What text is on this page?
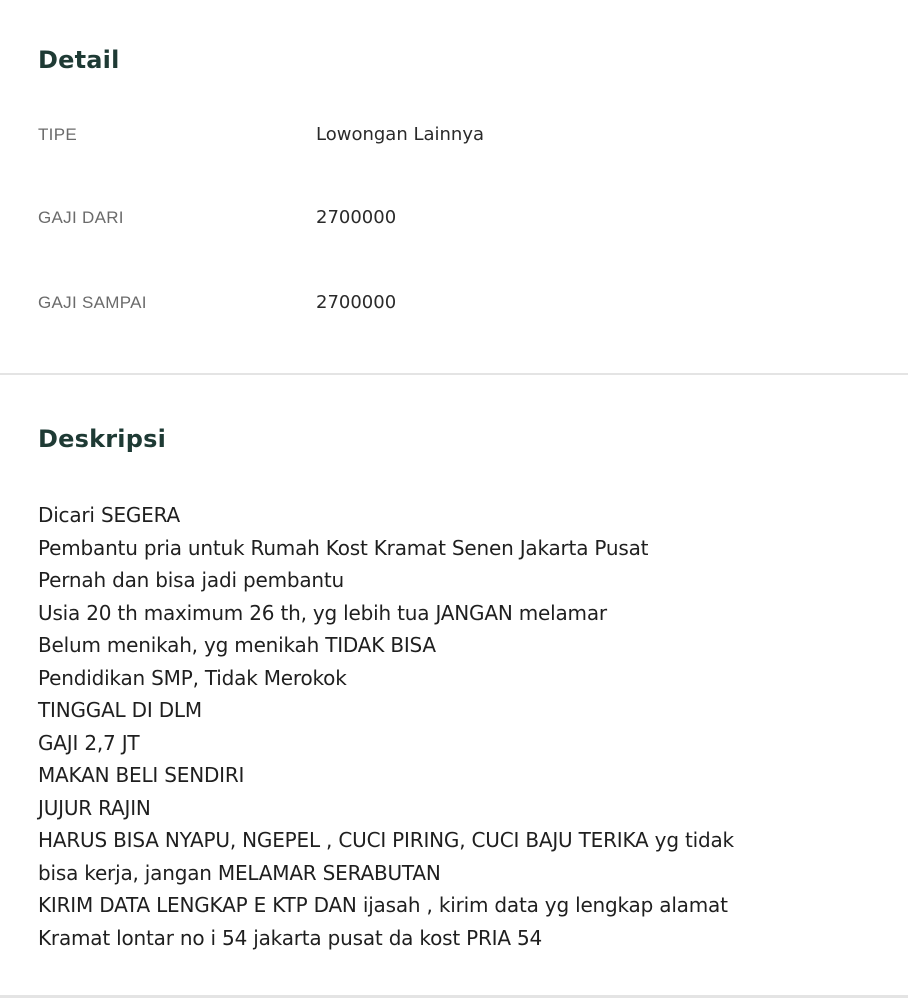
Detail
TIPE	Lowongan Lainnya
GAJI DARI	2700000
GAJI SAMPAI	2700000
Deskripsi
Dicari SEGERA
Pembantu pria untuk Rumah Kost Kramat Senen Jakarta Pusat
Pernah dan bisa jadi pembantu
Usia 20 th maximum 26 th, yg lebih tua JANGAN melamar
Belum menikah, yg menikah TIDAK BISA
Pendidikan SMP, Tidak Merokok
TINGGAL DI DLM
GAJI 2,7 JT
MAKAN BELI SENDIRI
JUJUR RAJIN
HARUS BISA NYAPU, NGEPEL , CUCI PIRING, CUCI BAJU TERIKA yg tidak
bisa kerja, jangan MELAMAR SERABUTAN
KIRIM DATA LENGKAP E KTP DAN ijasah , kirim data yg lengkap alamat
Kramat lontar no i 54 jakarta pusat da kost PRIA 54
